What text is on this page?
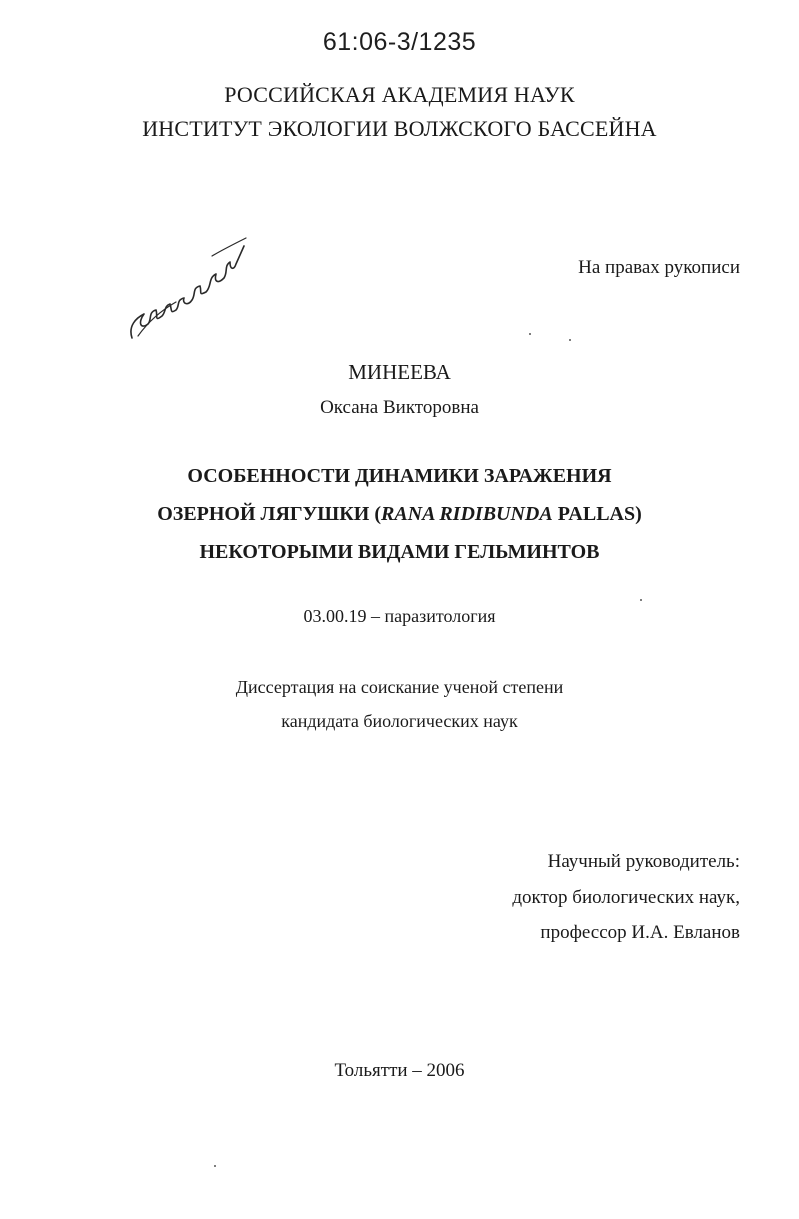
61:06-3/1235

РОССИЙСКАЯ АКАДЕМИЯ НАУК

ИНСТИТУТ ЭКОЛОГИИ ВОЛЖСКОГО БАССЕЙНА

На правах рукописи

МИНЕЕВА

Оксана Викторовна

ОСОБЕННОСТИ ДИНАМИКИ ЗАРАЖЕНИЯ

ОЗЕРНОЙ ЛЯГУШКИ (RANA RIDIBUNDA PALLAS)

НЕКОТОРЫМИ ВИДАМИ ГЕЛЬМИНТОВ

03.00.19 – паразитология

Диссертация на соискание ученой степени

кандидата биологических наук

Научный руководитель:

доктор биологических наук,

профессор И.А. Евланов

Тольятти – 2006
